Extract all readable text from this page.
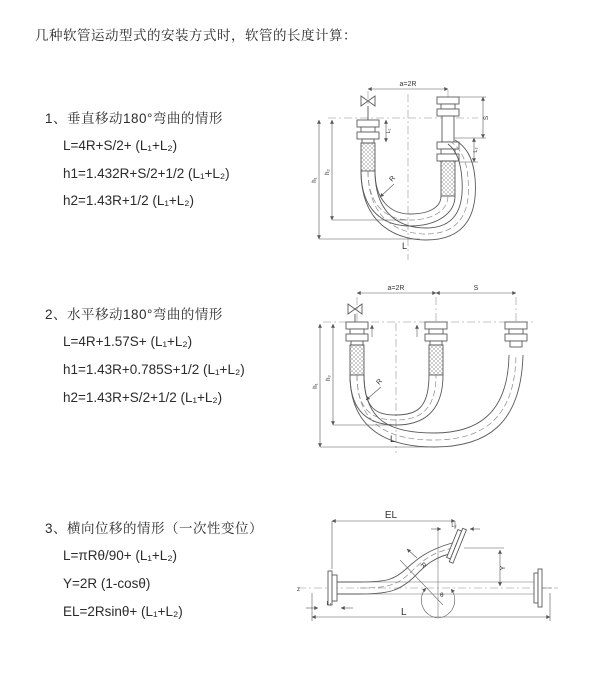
几种软管运动型式的安装方式时，软管的长度计算：
1、垂直移动180°弯曲的情形
L=4R+S/2+ (L₁+L₂)
h1=1.432R+S/2+1/2 (L₁+L₂)
h2=1.43R+1/2 (L₁+L₂)
2、水平移动180°弯曲的情形
L=4R+1.57S+ (L₁+L₂)
h1=1.43R+0.785S+1/2 (L₁+L₂)
h2=1.43R+S/2+1/2 (L₁+L₂)
3、横向位移的情形（一次性变位）
L=πRθ/90+ (L₁+L₂)
Y=2R (1-cosθ)
EL=2Rsinθ+ (L₁+L₂)
a=2R
h₁
h₂
L₁
S
L₂
R
L
a=2R	S
h₁
h₂	R
L
z
θ
R
EL
L₂
Y
L₁
L
